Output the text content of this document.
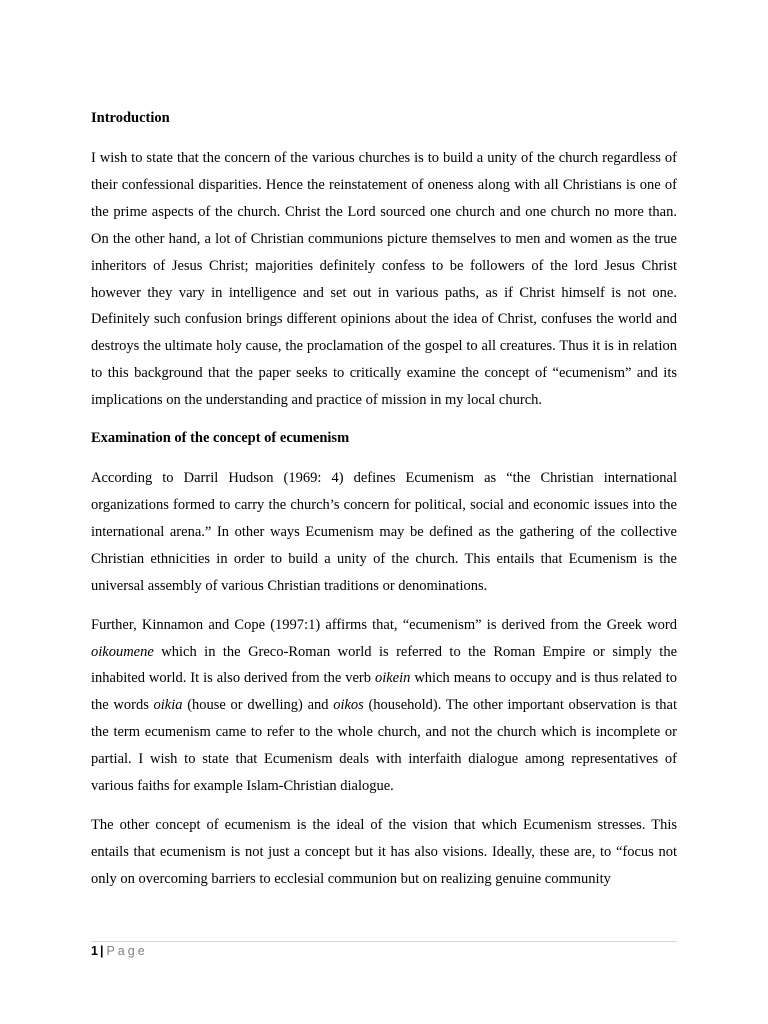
Introduction

I wish to state that the concern of the various churches is to build a unity of the church regardless of their confessional disparities. Hence the reinstatement of oneness along with all Christians is one of the prime aspects of the church. Christ the Lord sourced one church and one church no more than. On the other hand, a lot of Christian communions picture themselves to men and women as the true inheritors of Jesus Christ; majorities definitely confess to be followers of the lord Jesus Christ however they vary in intelligence and set out in various paths, as if Christ himself is not one. Definitely such confusion brings different opinions about the idea of Christ, confuses the world and destroys the ultimate holy cause, the proclamation of the gospel to all creatures. Thus it is in relation to this background that the paper seeks to critically examine the concept of “ecumenism” and its implications on the understanding and practice of mission in my local church.

Examination of the concept of ecumenism

According to Darril Hudson (1969: 4) defines Ecumenism as “the Christian international organizations formed to carry the church’s concern for political, social and economic issues into the international arena.” In other ways Ecumenism may be defined as the gathering of the collective Christian ethnicities in order to build a unity of the church. This entails that Ecumenism is the universal assembly of various Christian traditions or denominations.

Further, Kinnamon and Cope (1997:1) affirms that, “ecumenism” is derived from the Greek word oikoumene which in the Greco-Roman world is referred to the Roman Empire or simply the inhabited world. It is also derived from the verb oikein which means to occupy and is thus related to the words oikia (house or dwelling) and oikos (household). The other important observation is that the term ecumenism came to refer to the whole church, and not the church which is incomplete or partial. I wish to state that Ecumenism deals with interfaith dialogue among representatives of various faiths for example Islam-Christian dialogue.

The other concept of ecumenism is the ideal of the vision that which Ecumenism stresses. This entails that ecumenism is not just a concept but it has also visions. Ideally, these are, to “focus not only on overcoming barriers to ecclesial communion but on realizing genuine community

1 | Page
